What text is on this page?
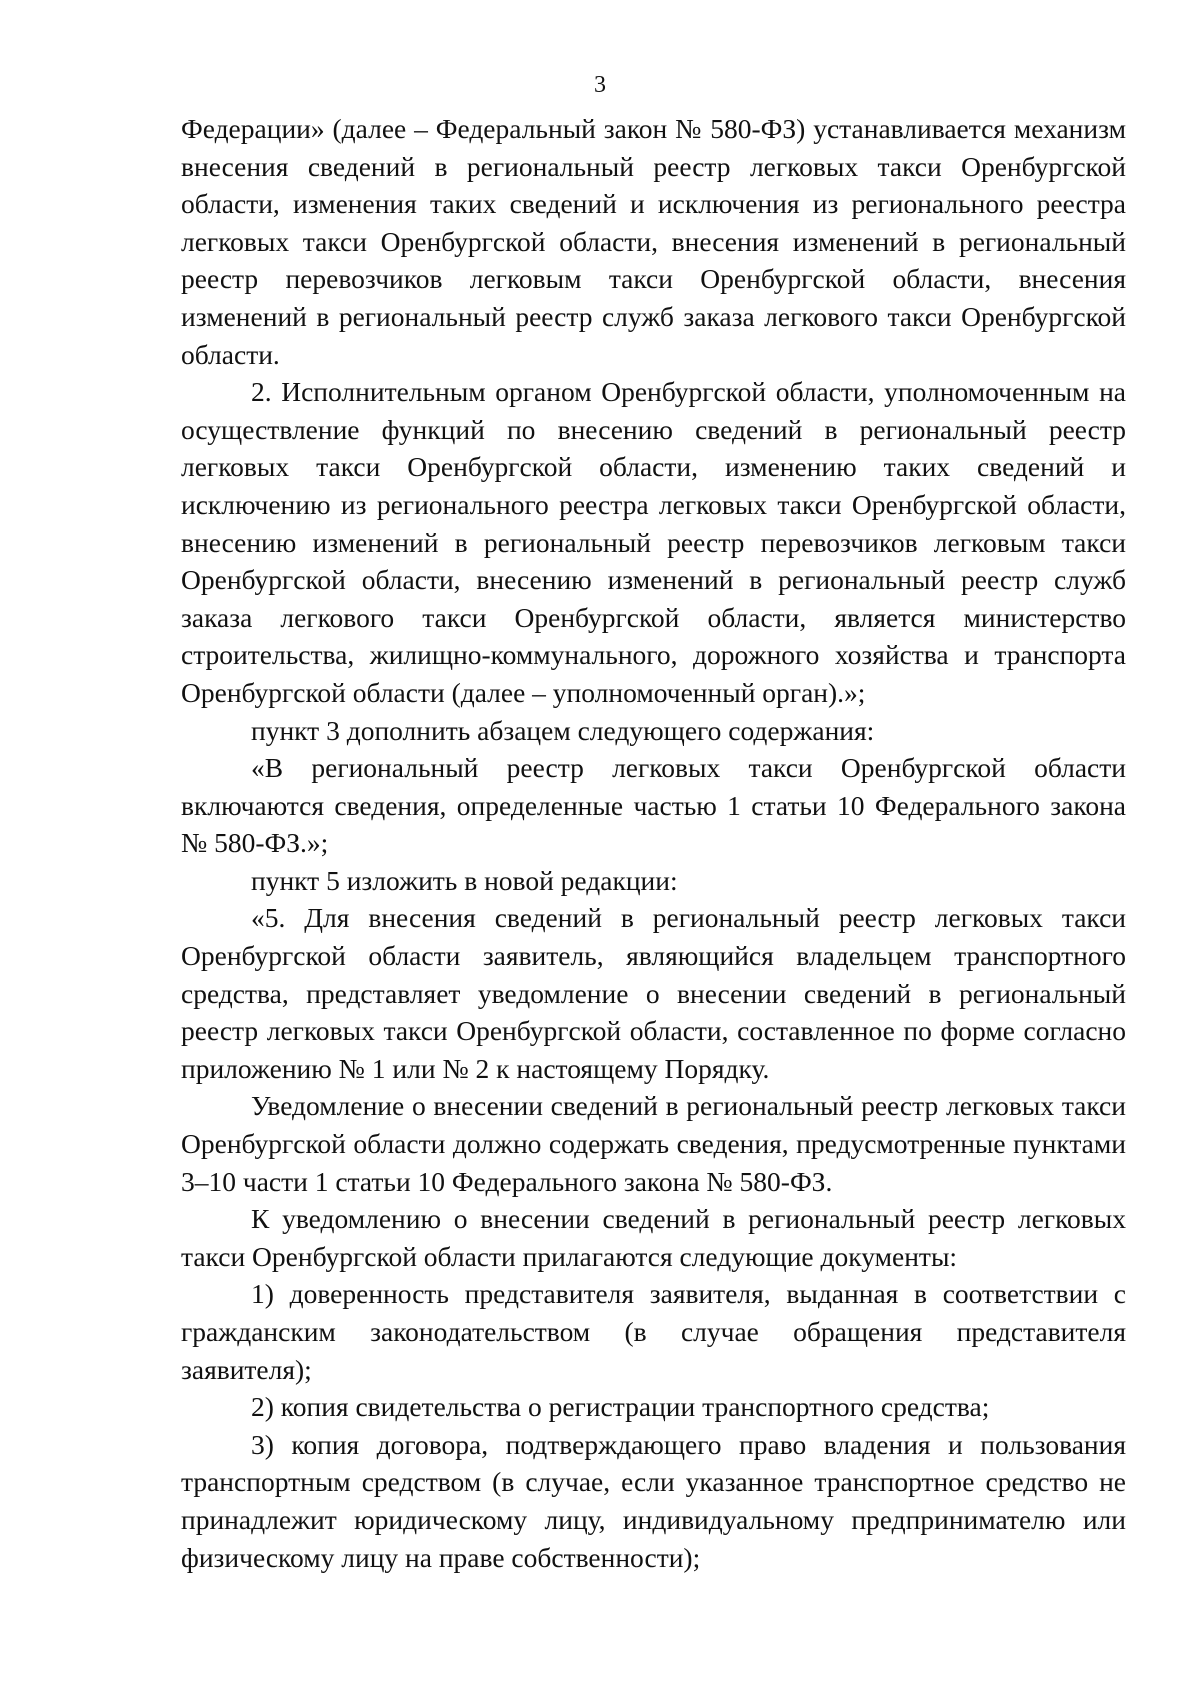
3

Федерации» (далее – Федеральный закон № 580-ФЗ) устанавливается механизм внесения сведений в региональный реестр легковых такси Оренбургской области, изменения таких сведений и исключения из регионального реестра легковых такси Оренбургской области, внесения изменений в региональный реестр перевозчиков легковым такси Оренбургской области, внесения изменений в региональный реестр служб заказа легкового такси Оренбургской области.

2. Исполнительным органом Оренбургской области, уполномоченным на осуществление функций по внесению сведений в региональный реестр легковых такси Оренбургской области, изменению таких сведений и исключению из регионального реестра легковых такси Оренбургской области, внесению изменений в региональный реестр перевозчиков легковым такси Оренбургской области, внесению изменений в региональный реестр служб заказа легкового такси Оренбургской области, является министерство строительства, жилищно-коммунального, дорожного хозяйства и транспорта Оренбургской области (далее – уполномоченный орган).»;

пункт 3 дополнить абзацем следующего содержания:

«В региональный реестр легковых такси Оренбургской области включаются сведения, определенные частью 1 статьи 10 Федерального закона № 580-ФЗ.»;

пункт 5 изложить в новой редакции:

«5. Для внесения сведений в региональный реестр легковых такси Оренбургской области заявитель, являющийся владельцем транспортного средства, представляет уведомление о внесении сведений в региональный реестр легковых такси Оренбургской области, составленное по форме согласно приложению № 1 или № 2 к настоящему Порядку.

Уведомление о внесении сведений в региональный реестр легковых такси Оренбургской области должно содержать сведения, предусмотренные пунктами 3–10 части 1 статьи 10 Федерального закона № 580-ФЗ.

К уведомлению о внесении сведений в региональный реестр легковых такси Оренбургской области прилагаются следующие документы:

1) доверенность представителя заявителя, выданная в соответствии с гражданским законодательством (в случае обращения представителя заявителя);

2) копия свидетельства о регистрации транспортного средства;

3) копия договора, подтверждающего право владения и пользования транспортным средством (в случае, если указанное транспортное средство не принадлежит юридическому лицу, индивидуальному предпринимателю или физическому лицу на праве собственности);
